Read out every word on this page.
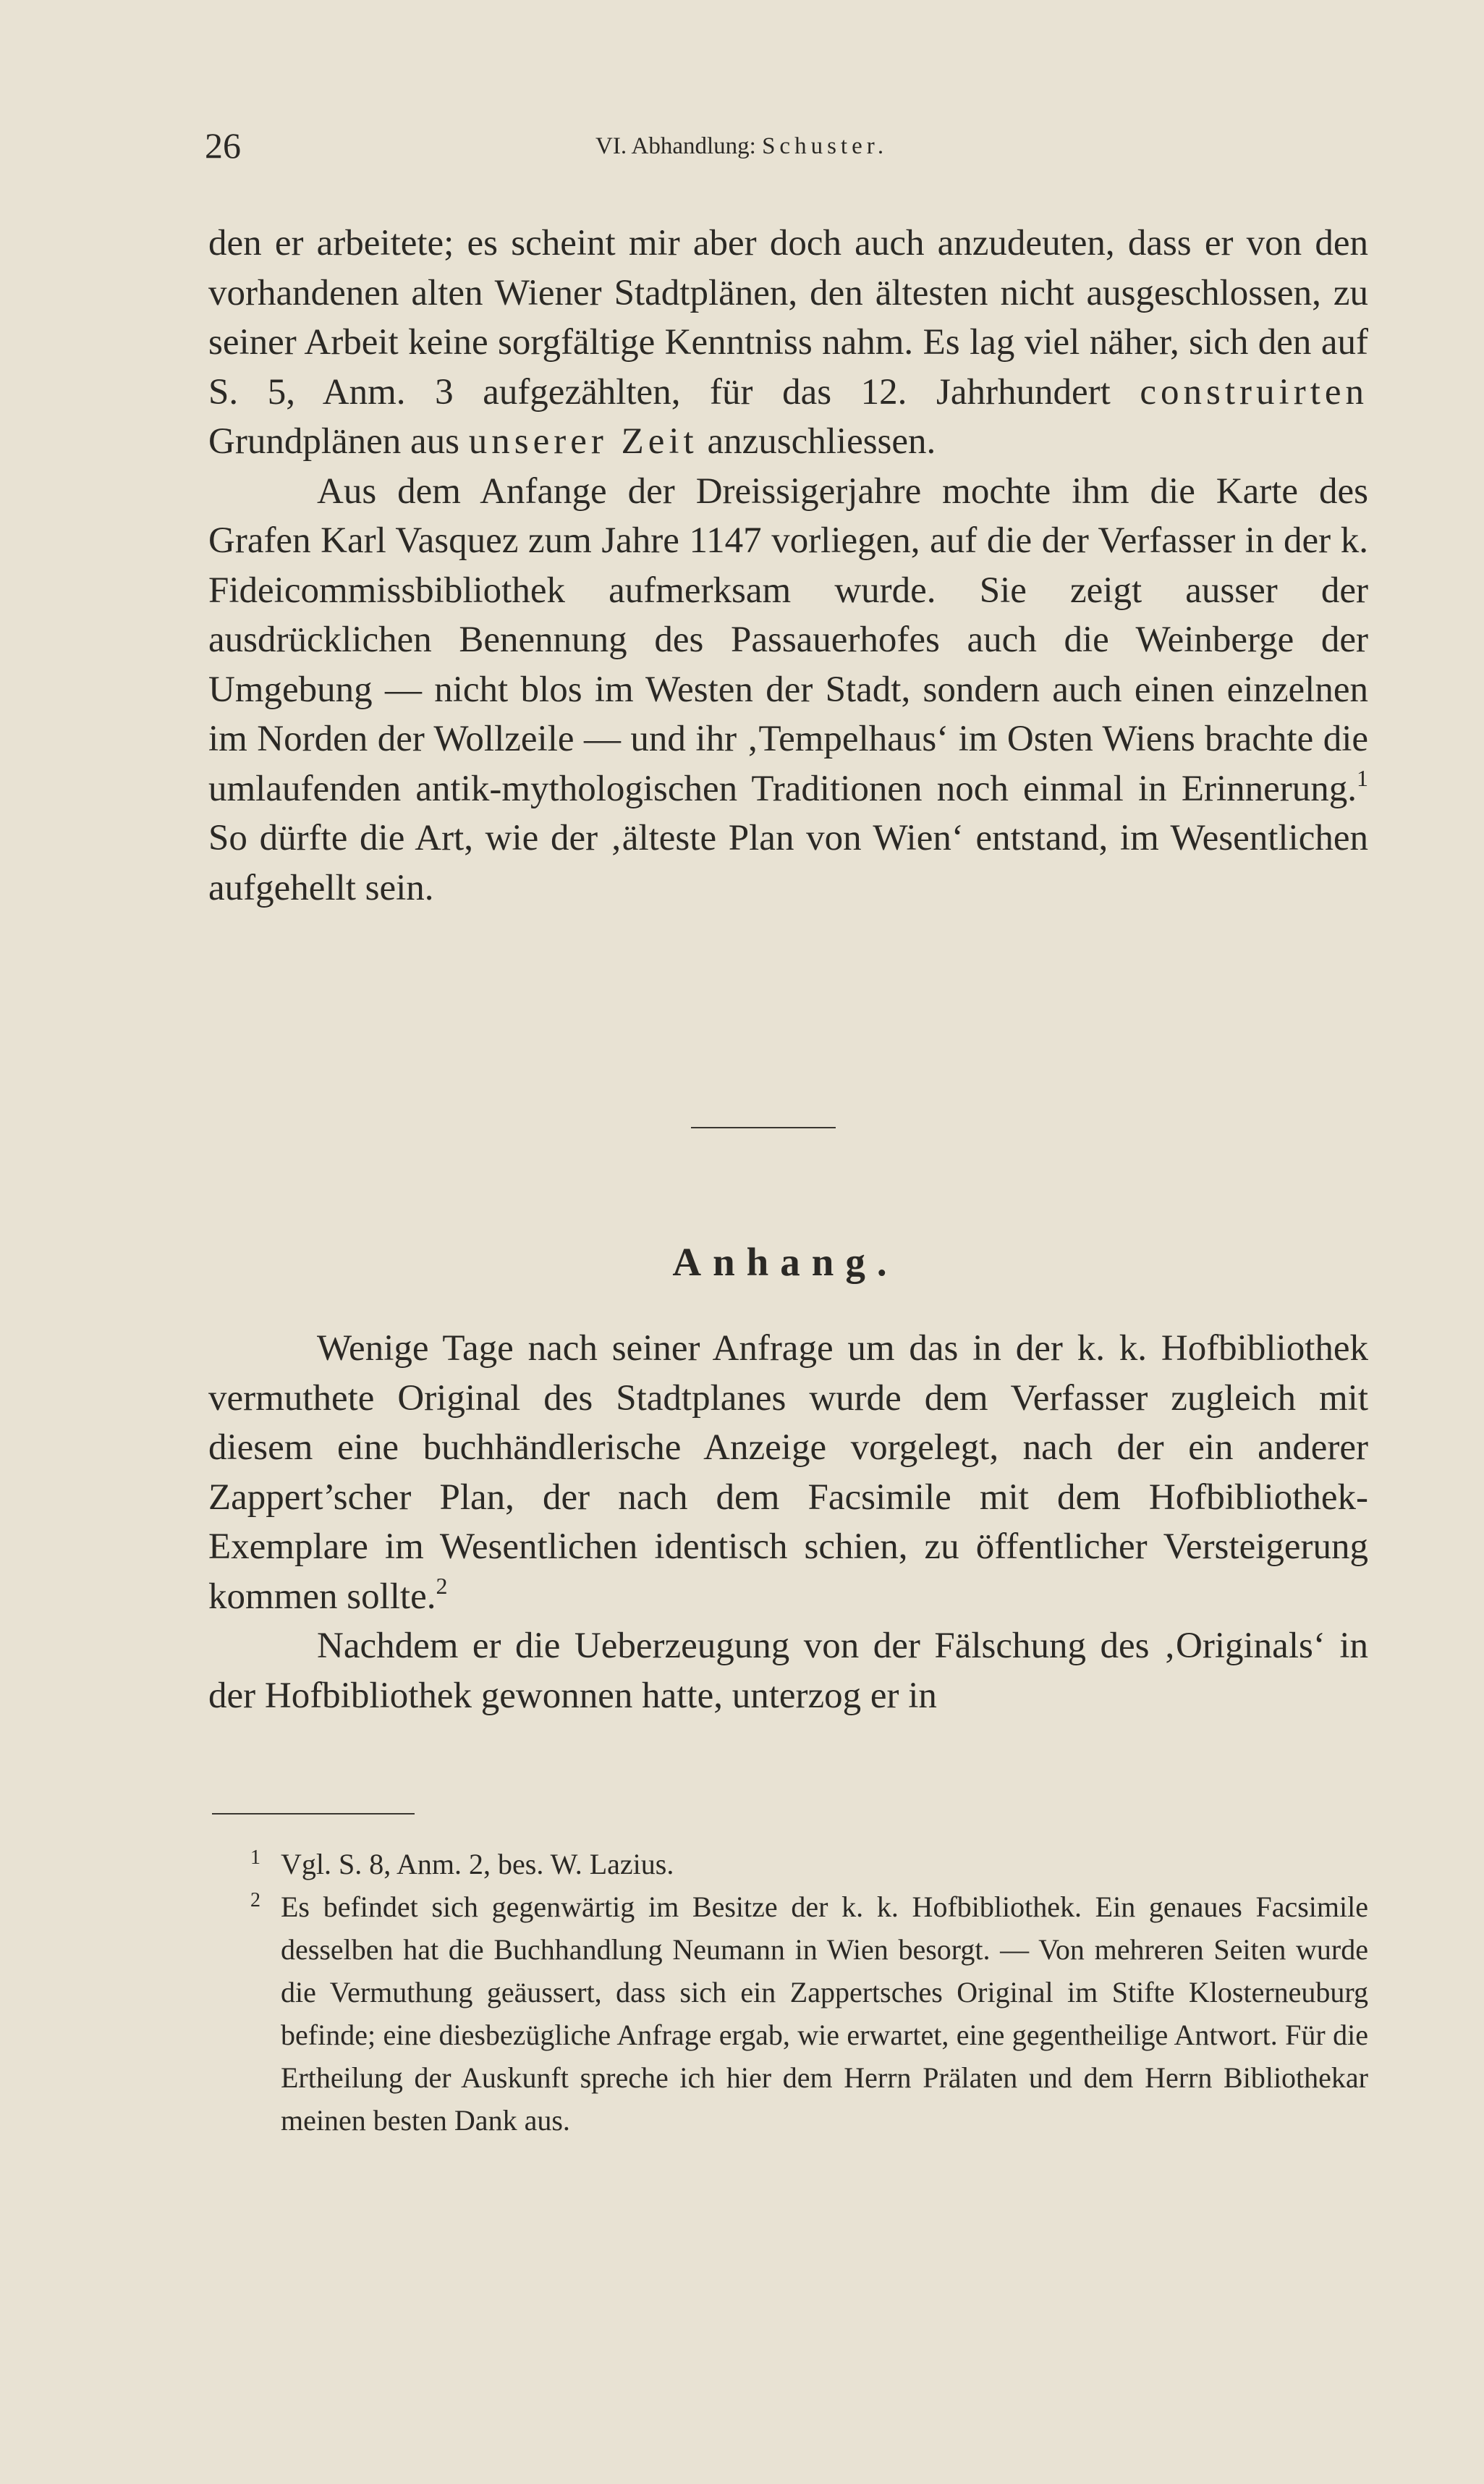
26	VI. Abhandlung: Schuster.

den er arbeitete; es scheint mir aber doch auch anzudeuten, dass er von den vorhandenen alten Wiener Stadtplänen, den ältesten nicht ausgeschlossen, zu seiner Arbeit keine sorgfältige Kenntniss nahm. Es lag viel näher, sich den auf S. 5, Anm. 3 aufgezählten, für das 12. Jahrhundert construirten Grundplänen aus unserer Zeit anzuschliessen.

Aus dem Anfange der Dreissigerjahre mochte ihm die Karte des Grafen Karl Vasquez zum Jahre 1147 vorliegen, auf die der Verfasser in der k. Fideicommissbibliothek aufmerksam wurde. Sie zeigt ausser der ausdrücklichen Benennung des Passauerhofes auch die Weinberge der Umgebung — nicht blos im Westen der Stadt, sondern auch einen einzelnen im Norden der Wollzeile — und ihr ‚Tempelhaus‘ im Osten Wiens brachte die umlaufenden antik-mythologischen Traditionen noch einmal in Erinnerung.$^1$ So dürfte die Art, wie der ‚älteste Plan von Wien‘ entstand, im Wesentlichen aufgehellt sein.

Anhang.

Wenige Tage nach seiner Anfrage um das in der k. k. Hofbibliothek vermuthete Original des Stadtplanes wurde dem Verfasser zugleich mit diesem eine buchhändlerische Anzeige vorgelegt, nach der ein anderer Zappert’scher Plan, der nach dem Facsimile mit dem Hofbibliothek-Exemplare im Wesentlichen identisch schien, zu öffentlicher Versteigerung kommen sollte.$^2$

Nachdem er die Ueberzeugung von der Fälschung des ‚Originals‘ in der Hofbibliothek gewonnen hatte, unterzog er in

1 Vgl. S. 8, Anm. 2, bes. W. Lazius.

2 Es befindet sich gegenwärtig im Besitze der k. k. Hofbibliothek. Ein genaues Facsimile desselben hat die Buchhandlung Neumann in Wien besorgt. — Von mehreren Seiten wurde die Vermuthung geäussert, dass sich ein Zappertsches Original im Stifte Klosterneuburg befinde; eine diesbezügliche Anfrage ergab, wie erwartet, eine gegentheilige Antwort. Für die Ertheilung der Auskunft spreche ich hier dem Herrn Prälaten und dem Herrn Bibliothekar meinen besten Dank aus.
